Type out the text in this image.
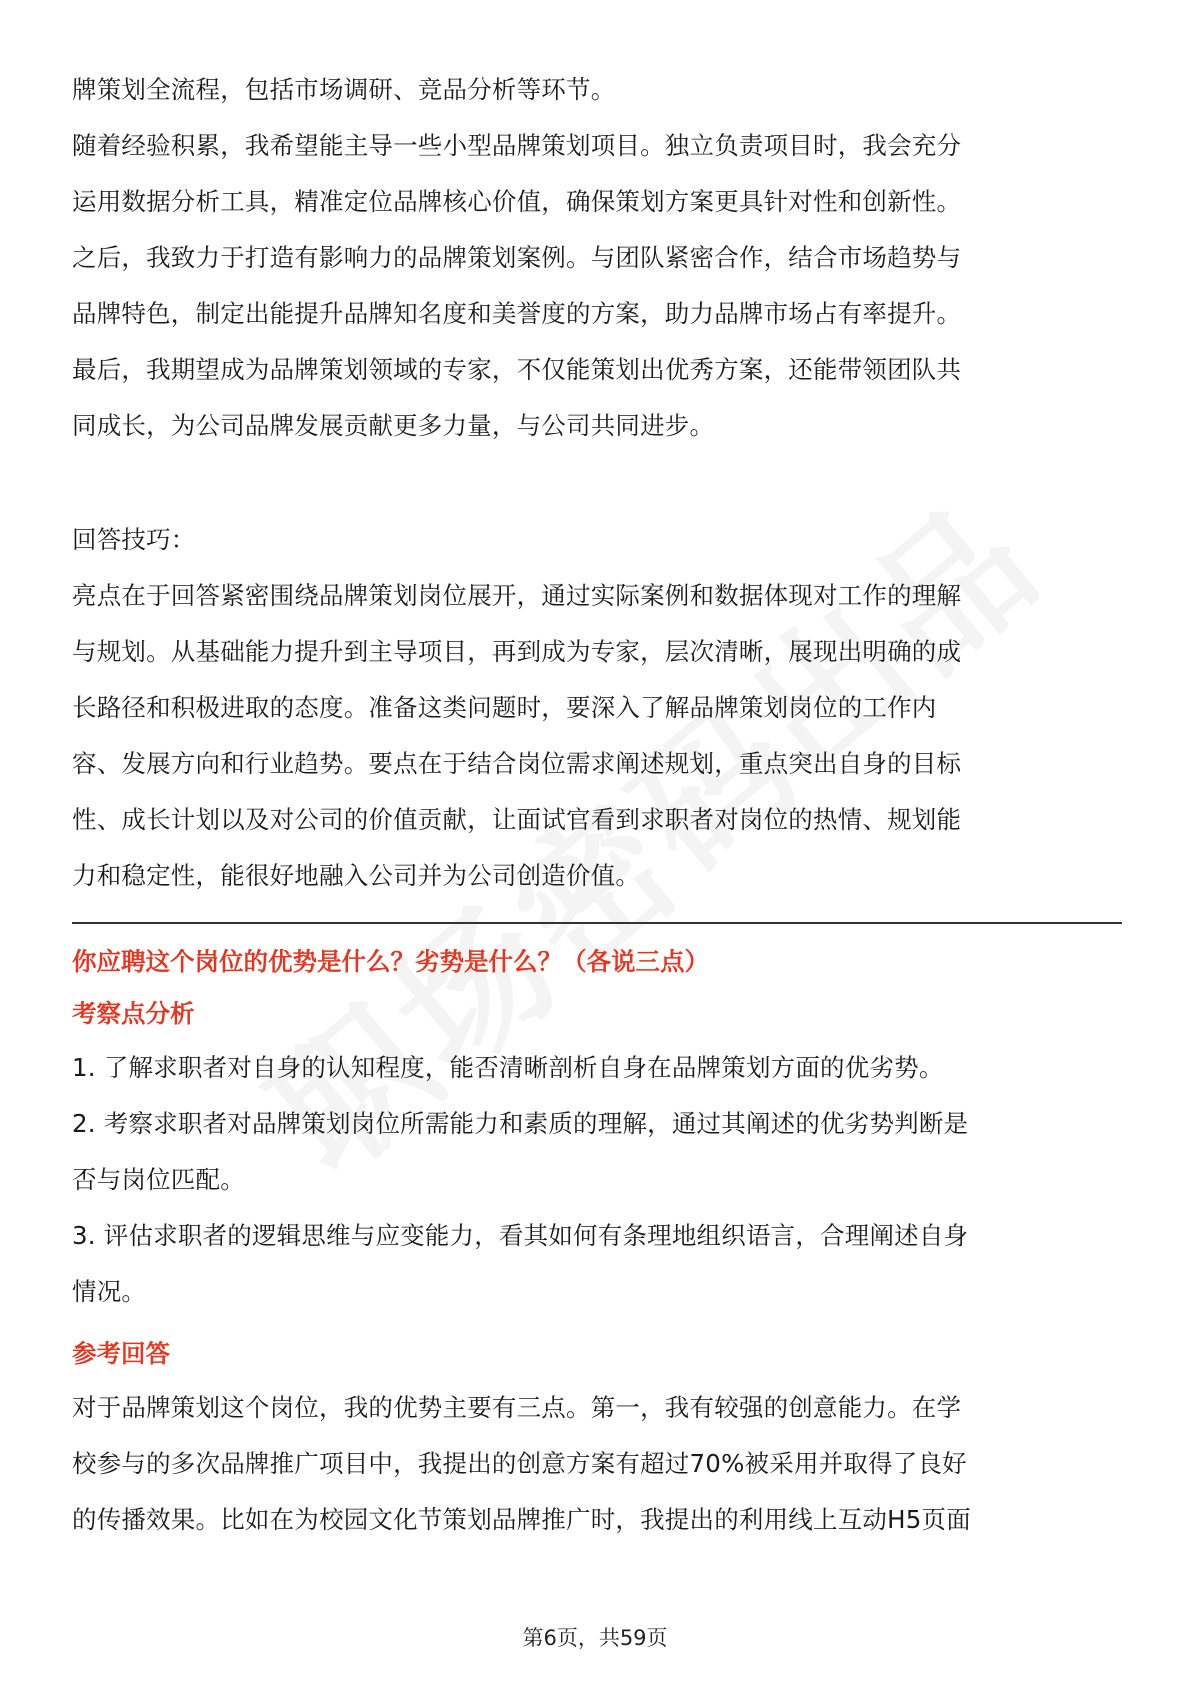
牌策划全流程，包括市场调研、竞品分析等环节。
随着经验积累，我希望能主导一些小型品牌策划项目。独立负责项目时，我会充分
运用数据分析工具，精准定位品牌核心价值，确保策划方案更具针对性和创新性。
之后，我致力于打造有影响力的品牌策划案例。与团队紧密合作，结合市场趋势与
品牌特色，制定出能提升品牌知名度和美誉度的方案，助力品牌市场占有率提升。
最后，我期望成为品牌策划领域的专家，不仅能策划出优秀方案，还能带领团队共
同成长，为公司品牌发展贡献更多力量，与公司共同进步。
回答技巧：
亮点在于回答紧密围绕品牌策划岗位展开，通过实际案例和数据体现对工作的理解
与规划。从基础能力提升到主导项目，再到成为专家，层次清晰，展现出明确的成
长路径和积极进取的态度。准备这类问题时，要深入了解品牌策划岗位的工作内
容、发展方向和行业趋势。要点在于结合岗位需求阐述规划，重点突出自身的目标
性、成长计划以及对公司的价值贡献，让面试官看到求职者对岗位的热情、规划能
力和稳定性，能很好地融入公司并为公司创造价值。
你应聘这个岗位的优势是什么？劣势是什么？（各说三点）
考察点分析
1. 了解求职者对自身的认知程度，能否清晰剖析自身在品牌策划方面的优劣势。
2. 考察求职者对品牌策划岗位所需能力和素质的理解，通过其阐述的优劣势判断是
否与岗位匹配。
3. 评估求职者的逻辑思维与应变能力，看其如何有条理地组织语言，合理阐述自身
情况。
参考回答
对于品牌策划这个岗位，我的优势主要有三点。第一，我有较强的创意能力。在学
校参与的多次品牌推广项目中，我提出的创意方案有超过70%被采用并取得了良好
的传播效果。比如在为校园文化节策划品牌推广时，我提出的利用线上互动H5页面
第6页，共59页
